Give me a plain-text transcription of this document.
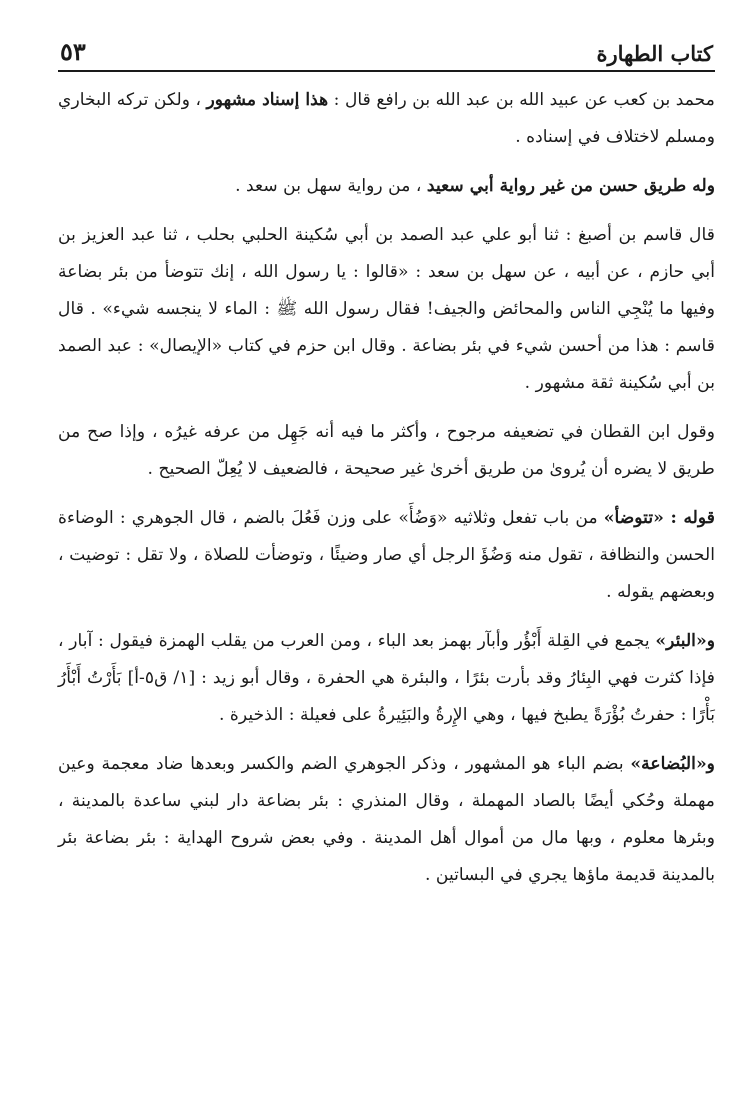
كتاب الطهارة
٥٣

محمد بن كعب عن عبيد الله بن عبد الله بن رافع قال : هذا إسناد مشهور ، ولكن تركه البخاري ومسلم لاختلاف في إسناده .

وله طريق حسن من غير رواية أبي سعيد ، من رواية سهل بن سعد .

قال قاسم بن أصبغ : ثنا أبو علي عبد الصمد بن أبي سُكينة الحلبي بحلب ، ثنا عبد العزيز بن أبي حازم ، عن أبيه ، عن سهل بن سعد : «قالوا : يا رسول الله ، إنك تتوضأ من بئر بضاعة وفيها ما يُنْجِي الناس والمحائض والجيف! فقال رسول الله ﷺ : الماء لا ينجسه شيء» . قال قاسم : هذا من أحسن شيء في بئر بضاعة . وقال ابن حزم في كتاب «الإيصال» : عبد الصمد بن أبي سُكينة ثقة مشهور .

وقول ابن القطان في تضعيفه مرجوح ، وأكثر ما فيه أنه جَهِل من عرفه غيرُه ، وإذا صح من طريق لا يضره أن يُروىٰ من طريق أخرىٰ غير صحيحة ، فالضعيف لا يُعِلّ الصحيح .

قوله : «تتوضأ» من باب تفعل وثلاثيه «وَضُأَ» على وزن فَعُلَ بالضم ، قال الجوهري : الوضاءة الحسن والنظافة ، تقول منه وَضُؤَ الرجل أي صار وضيئًا ، وتوضأت للصلاة ، ولا تقل : توضيت ، وبعضهم يقوله .

و«البئر» يجمع في القِلة أَبْؤُر وأبآر بهمز بعد الباء ، ومن العرب من يقلب الهمزة فيقول : آبار ، فإذا كثرت فهي البِئارُ وقد بأرت بئرًا ، والبئرة هي الحفرة ، وقال أبو زيد : [١/ ق٥-أ] بَأَرْتُ أَبْأَرُ بَأْرًا : حفرتُ بُؤْرَةً يطبخ فيها ، وهي الإِرةُ والبَئِيرةُ على فعيلة : الذخيرة .

و«البُضاعة» بضم الباء هو المشهور ، وذكر الجوهري الضم والكسر وبعدها ضاد معجمة وعين مهملة وحُكي أيضًا بالصاد المهملة ، وقال المنذري : بئر بضاعة دار لبني ساعدة بالمدينة ، وبئرها معلوم ، وبها مال من أموال أهل المدينة . وفي بعض شروح الهداية : بئر بضاعة بئر بالمدينة قديمة ماؤها يجري في البساتين .
